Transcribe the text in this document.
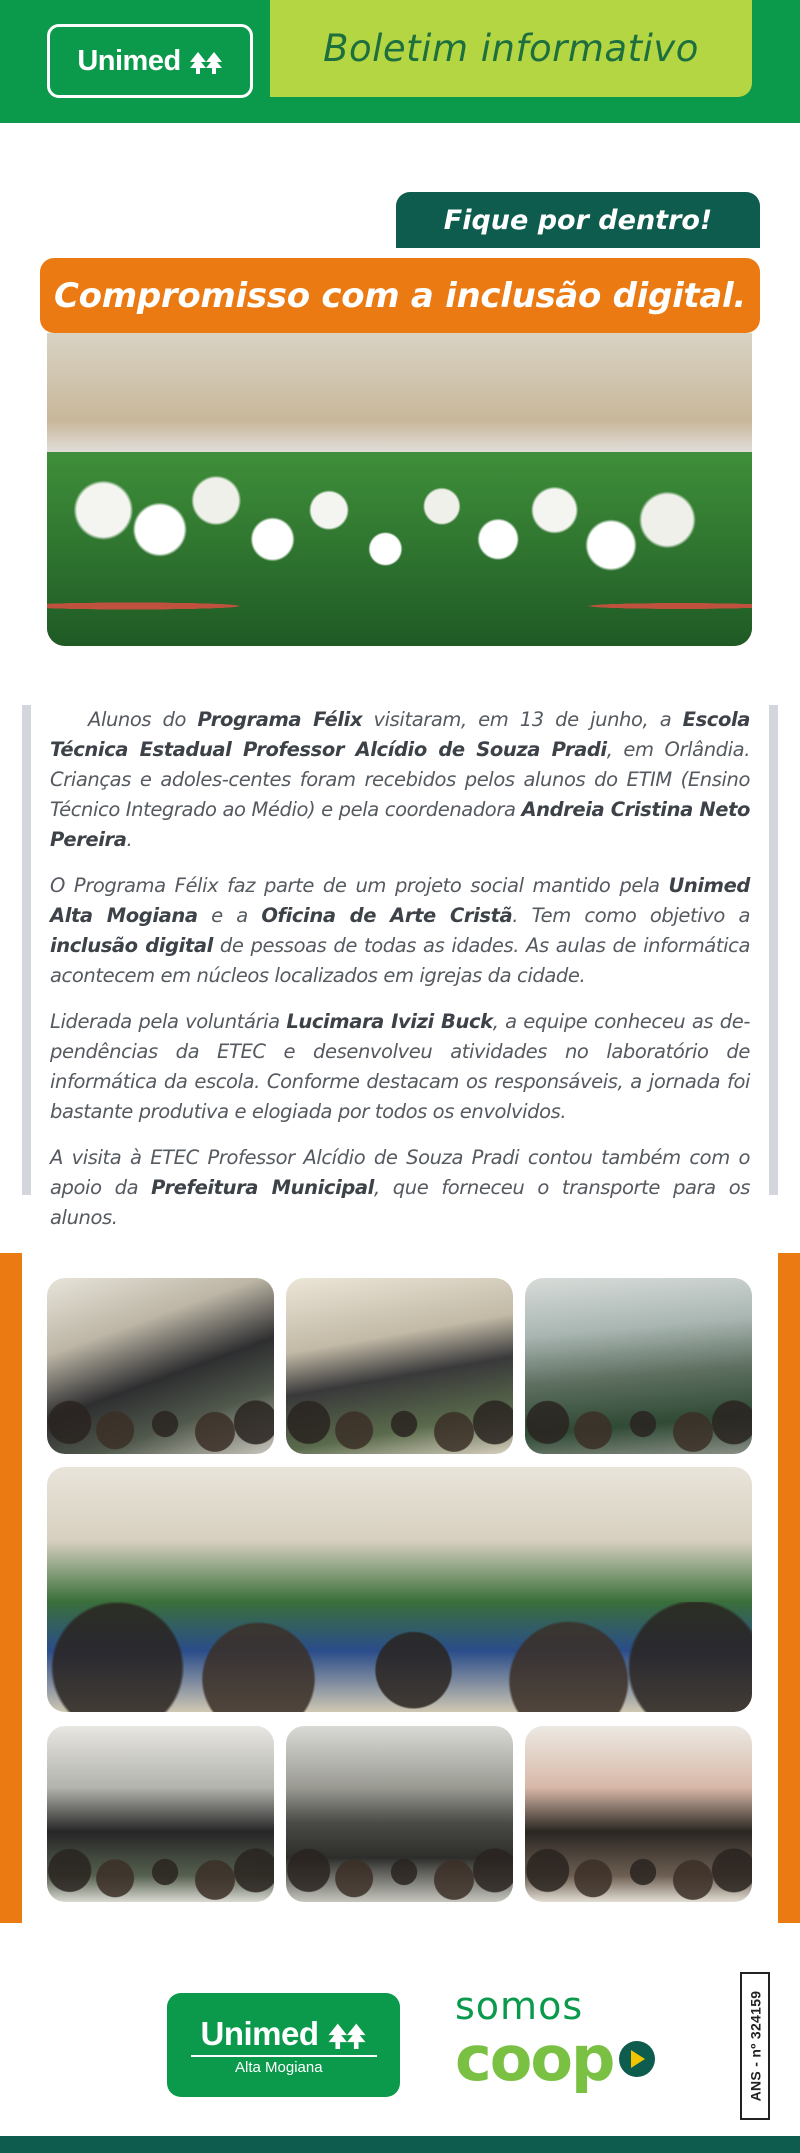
Unimed	Boletim informativo
Fique por dentro!
Compromisso com a inclusão digital.

Alunos do Programa Félix visitaram, em 13 de junho, a Escola Técnica Estadual Professor Alcídio de Souza Pradi, em Orlândia. Crianças e adoles-centes foram recebidos pelos alunos do ETIM (Ensino Técnico Integrado ao Médio) e pela coordenadora Andreia Cristina Neto Pereira.

O Programa Félix faz parte de um projeto social mantido pela Unimed Alta Mogiana e a Oficina de Arte Cristã. Tem como objetivo a inclusão digital de pessoas de todas as idades. As aulas de informática acontecem em núcleos localizados em igrejas da cidade.

Liderada pela voluntária Lucimara Ivizi Buck, a equipe conheceu as de-pendências da ETEC e desenvolveu atividades no laboratório de informática da escola. Conforme destacam os responsáveis, a jornada foi bastante produtiva e elogiada por todos os envolvidos.

A visita à ETEC Professor Alcídio de Souza Pradi contou também com o apoio da Prefeitura Municipal, que forneceu o transporte para os alunos.

Unimed
Alta Mogiana
somos
coop	ANS - nº 324159
